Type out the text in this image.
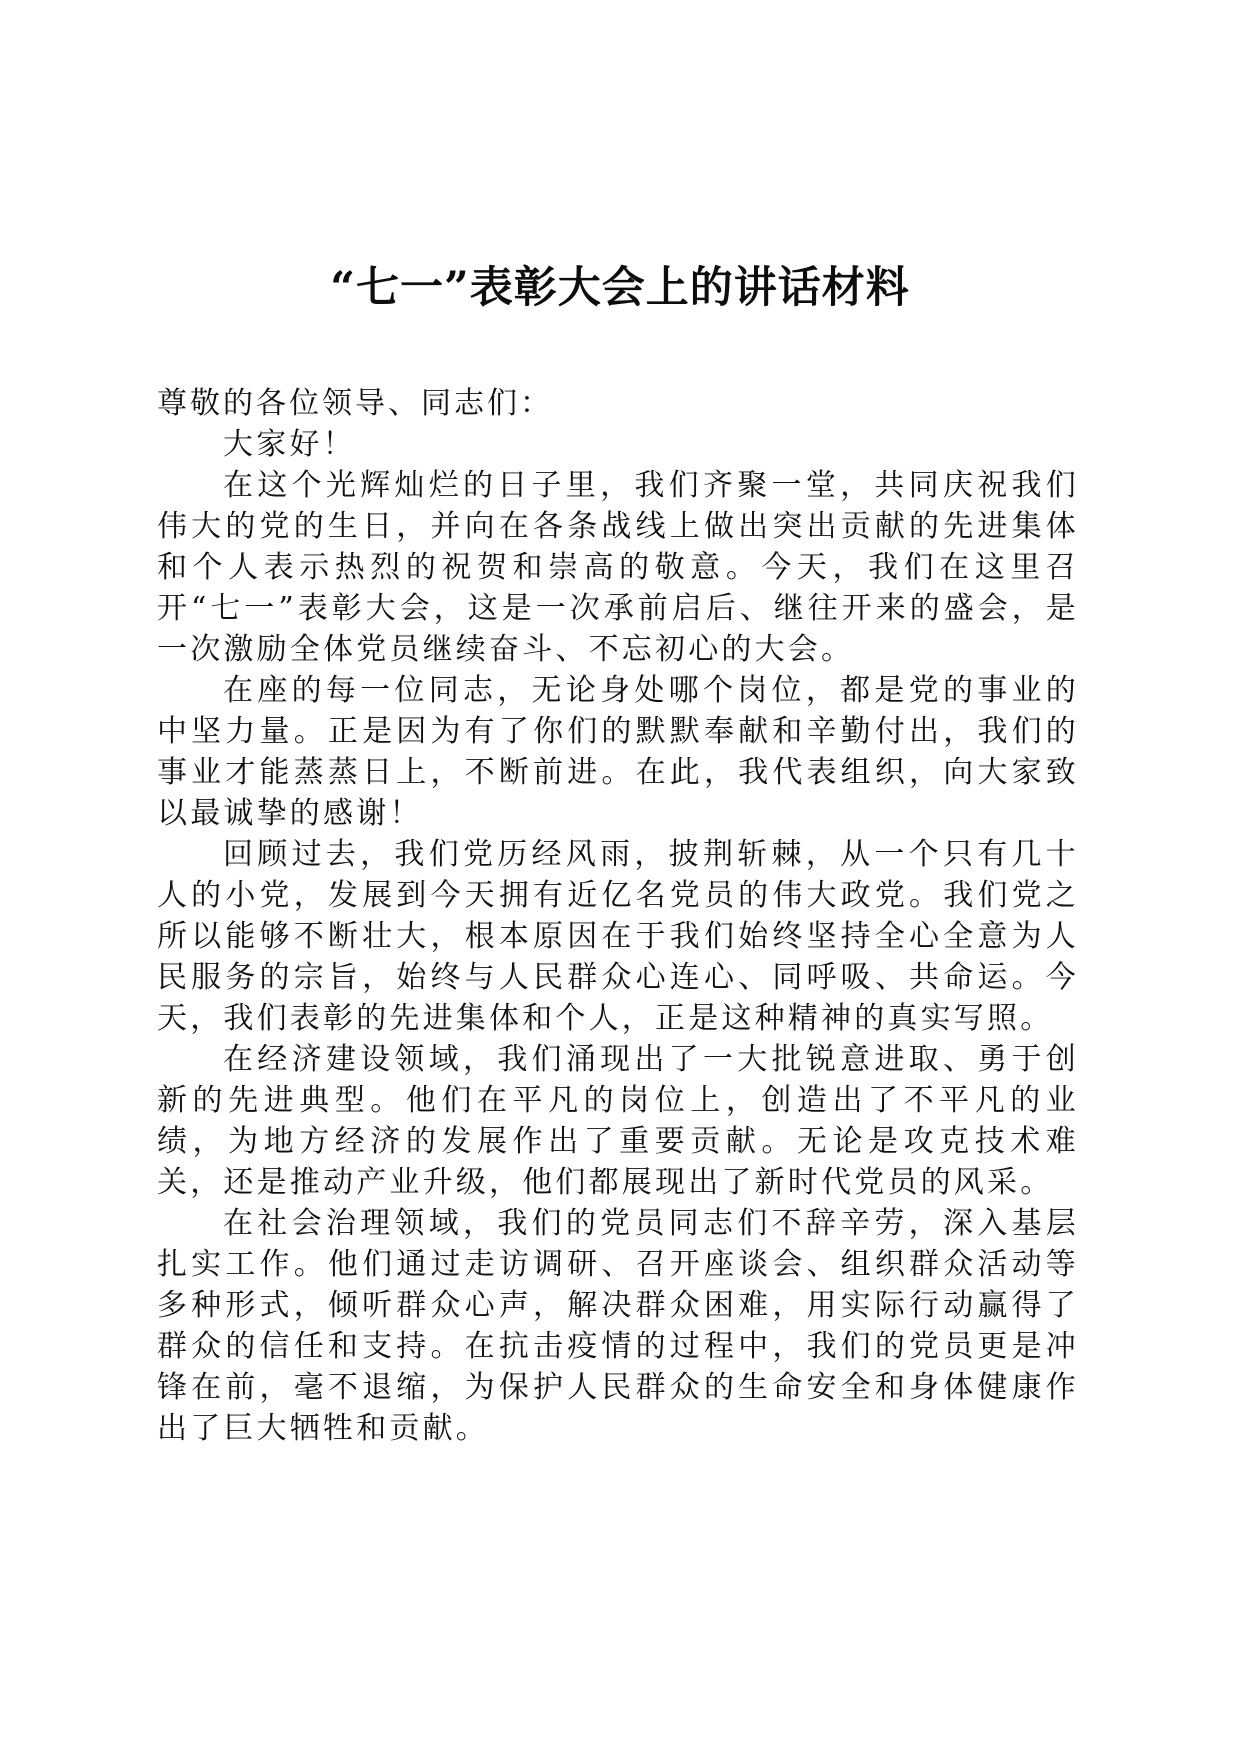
“七一”表彰大会上的讲话材料

尊敬的各位领导、同志们：

大家好！

在这个光辉灿烂的日子里，我们齐聚一堂，共同庆祝我们伟大的党的生日，并向在各条战线上做出突出贡献的先进集体和个人表示热烈的祝贺和崇高的敬意。今天，我们在这里召开“七一”表彰大会，这是一次承前启后、继往开来的盛会，是一次激励全体党员继续奋斗、不忘初心的大会。

在座的每一位同志，无论身处哪个岗位，都是党的事业的中坚力量。正是因为有了你们的默默奉献和辛勤付出，我们的事业才能蒸蒸日上，不断前进。在此，我代表组织，向大家致以最诚挚的感谢！

回顾过去，我们党历经风雨，披荆斩棘，从一个只有几十人的小党，发展到今天拥有近亿名党员的伟大政党。我们党之所以能够不断壮大，根本原因在于我们始终坚持全心全意为人民服务的宗旨，始终与人民群众心连心、同呼吸、共命运。今天，我们表彰的先进集体和个人，正是这种精神的真实写照。

在经济建设领域，我们涌现出了一大批锐意进取、勇于创新的先进典型。他们在平凡的岗位上，创造出了不平凡的业绩，为地方经济的发展作出了重要贡献。无论是攻克技术难关，还是推动产业升级，他们都展现出了新时代党员的风采。

在社会治理领域，我们的党员同志们不辞辛劳，深入基层扎实工作。他们通过走访调研、召开座谈会、组织群众活动等多种形式，倾听群众心声，解决群众困难，用实际行动赢得了群众的信任和支持。在抗击疫情的过程中，我们的党员更是冲锋在前，毫不退缩，为保护人民群众的生命安全和身体健康作出了巨大牺牲和贡献。
